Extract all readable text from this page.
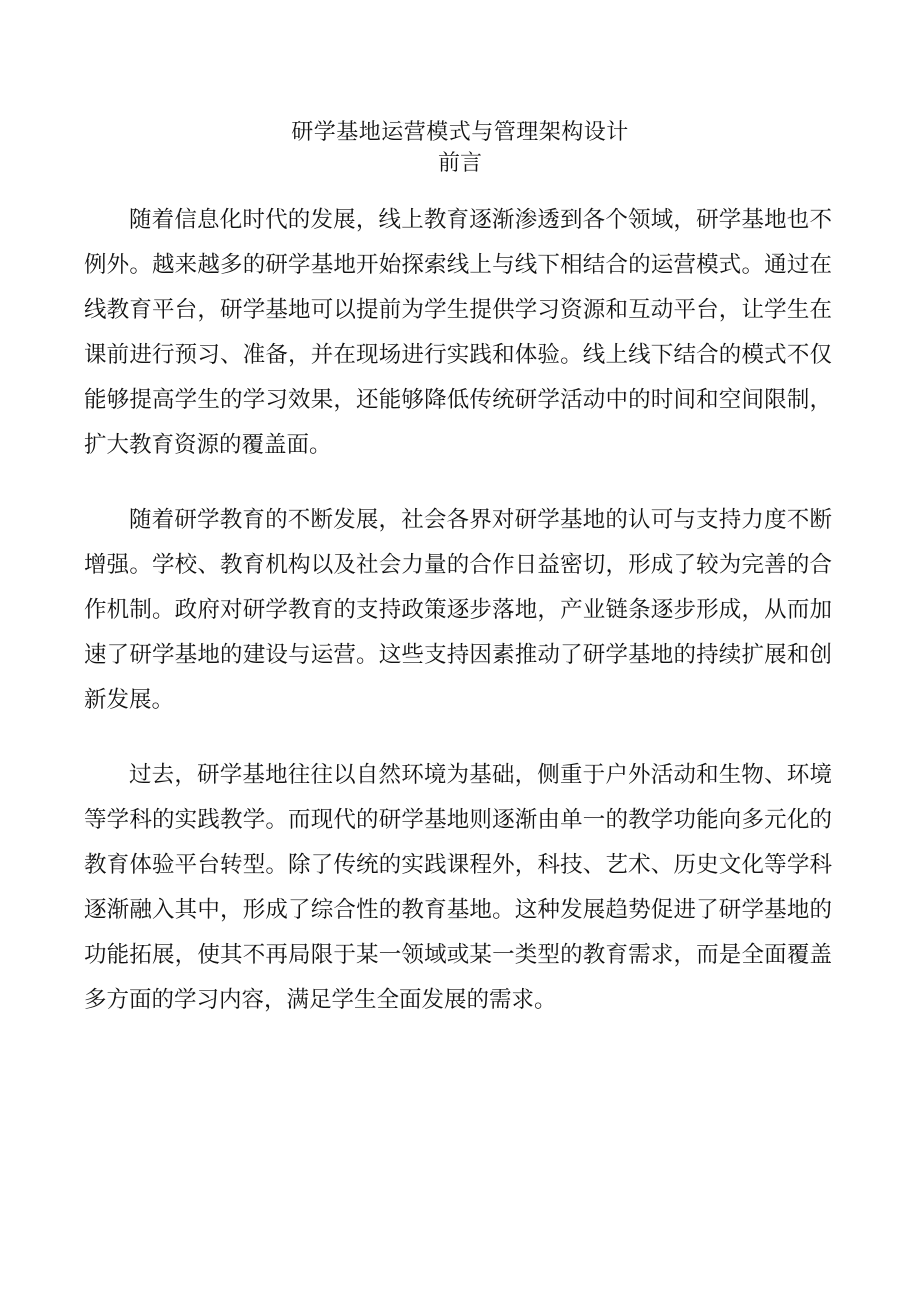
研学基地运营模式与管理架构设计
前言

随着信息化时代的发展，线上教育逐渐渗透到各个领域，研学基地也不例外。越来越多的研学基地开始探索线上与线下相结合的运营模式。通过在线教育平台，研学基地可以提前为学生提供学习资源和互动平台，让学生在课前进行预习、准备，并在现场进行实践和体验。线上线下结合的模式不仅能够提高学生的学习效果，还能够降低传统研学活动中的时间和空间限制，扩大教育资源的覆盖面。

随着研学教育的不断发展，社会各界对研学基地的认可与支持力度不断增强。学校、教育机构以及社会力量的合作日益密切，形成了较为完善的合作机制。政府对研学教育的支持政策逐步落地，产业链条逐步形成，从而加速了研学基地的建设与运营。这些支持因素推动了研学基地的持续扩展和创新发展。

过去，研学基地往往以自然环境为基础，侧重于户外活动和生物、环境等学科的实践教学。而现代的研学基地则逐渐由单一的教学功能向多元化的教育体验平台转型。除了传统的实践课程外，科技、艺术、历史文化等学科逐渐融入其中，形成了综合性的教育基地。这种发展趋势促进了研学基地的功能拓展，使其不再局限于某一领域或某一类型的教育需求，而是全面覆盖多方面的学习内容，满足学生全面发展的需求。
